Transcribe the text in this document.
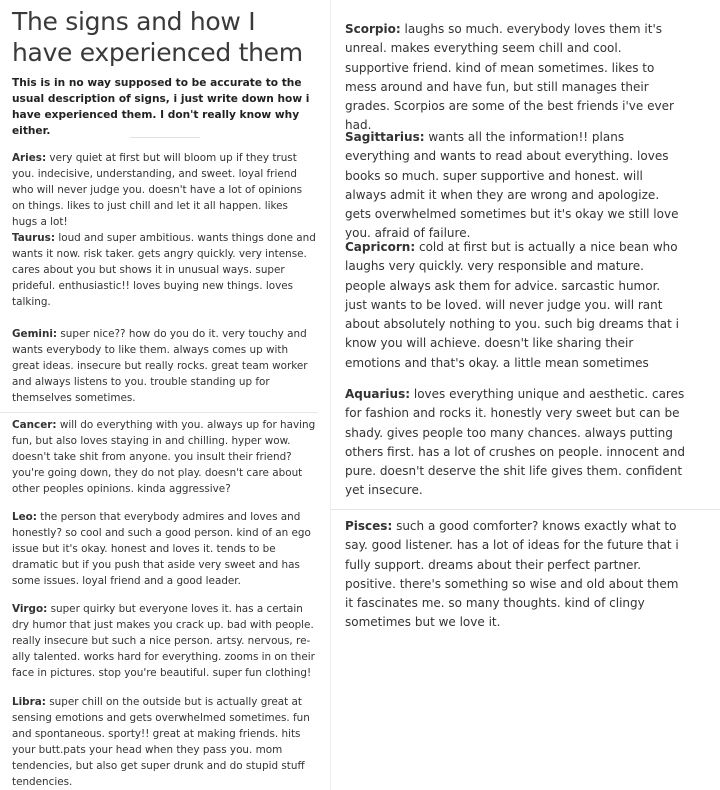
The signs and how I have experienced them
This is in no way supposed to be accurate to the usual description of signs, i just write down how i have experienced them. I don't really know why either.
Aries: very quiet at first but will bloom up if they trust you. indecisive, understanding, and sweet. loyal friend who will never judge you. doesn't have a lot of opinions on things. likes to just chill and let it all happen. likes hugs a lot!
Taurus: loud and super ambitious. wants things done and wants it now. risk taker. gets angry quickly. very intense. cares about you but shows it in unusual ways. super prideful. enthusiastic!! loves buying new things. loves talking.
Gemini: super nice?? how do you do it. very touchy and wants everybody to like them. always comes up with great ideas. insecure but really rocks. great team worker and always listens to you. trouble standing up for themselves sometimes.
Cancer: will do everything with you. always up for having fun, but also loves staying in and chilling. hyper wow. doesn't take shit from anyone. you insult their friend? you're going down, they do not play. doesn't care about other peoples opinions. kinda aggressive?
Leo: the person that everybody admires and loves and honestly? so cool and such a good person. kind of an ego issue but it's okay. honest and loves it. tends to be dramatic but if you push that aside very sweet and has some issues. loyal friend and a good leader.
Virgo: super quirky but everyone loves it. has a certain dry humor that just makes you crack up. bad with people. really insecure but such a nice person. artsy. nervous, re-ally talented. works hard for everything. zooms in on their face in pictures. stop you're beautiful. super fun clothing!
Libra: super chill on the outside but is actually great at sensing emotions and gets overwhelmed sometimes. fun and spontaneous. sporty!! great at making friends. hits your butt.pats your head when they pass you. mom tendencies, but also get super drunk and do stupid stuff tendencies.
Scorpio: laughs so much. everybody loves them it's unreal. makes everything seem chill and cool. supportive friend. kind of mean sometimes. likes to mess around and have fun, but still manages their grades. Scorpios are some of the best friends i've ever had.
Sagittarius: wants all the information!! plans everything and wants to read about everything. loves books so much. super supportive and honest. will always admit it when they are wrong and apologize. gets overwhelmed sometimes but it's okay we still love you. afraid of failure.
Capricorn: cold at first but is actually a nice bean who laughs very quickly. very responsible and mature. people always ask them for advice. sarcastic humor. just wants to be loved. will never judge you. will rant about absolutely nothing to you. such big dreams that i know you will achieve. doesn't like sharing their emotions and that's okay. a little mean sometimes
Aquarius: loves everything unique and aesthetic. cares for fashion and rocks it. honestly very sweet but can be shady. gives people too many chances. always putting others first. has a lot of crushes on people. innocent and pure. doesn't deserve the shit life gives them. confident yet insecure.
Pisces: such a good comforter? knows exactly what to say. good listener. has a lot of ideas for the future that i fully support. dreams about their perfect partner. positive. there's something so wise and old about them it fascinates me. so many thoughts. kind of clingy sometimes but we love it.
